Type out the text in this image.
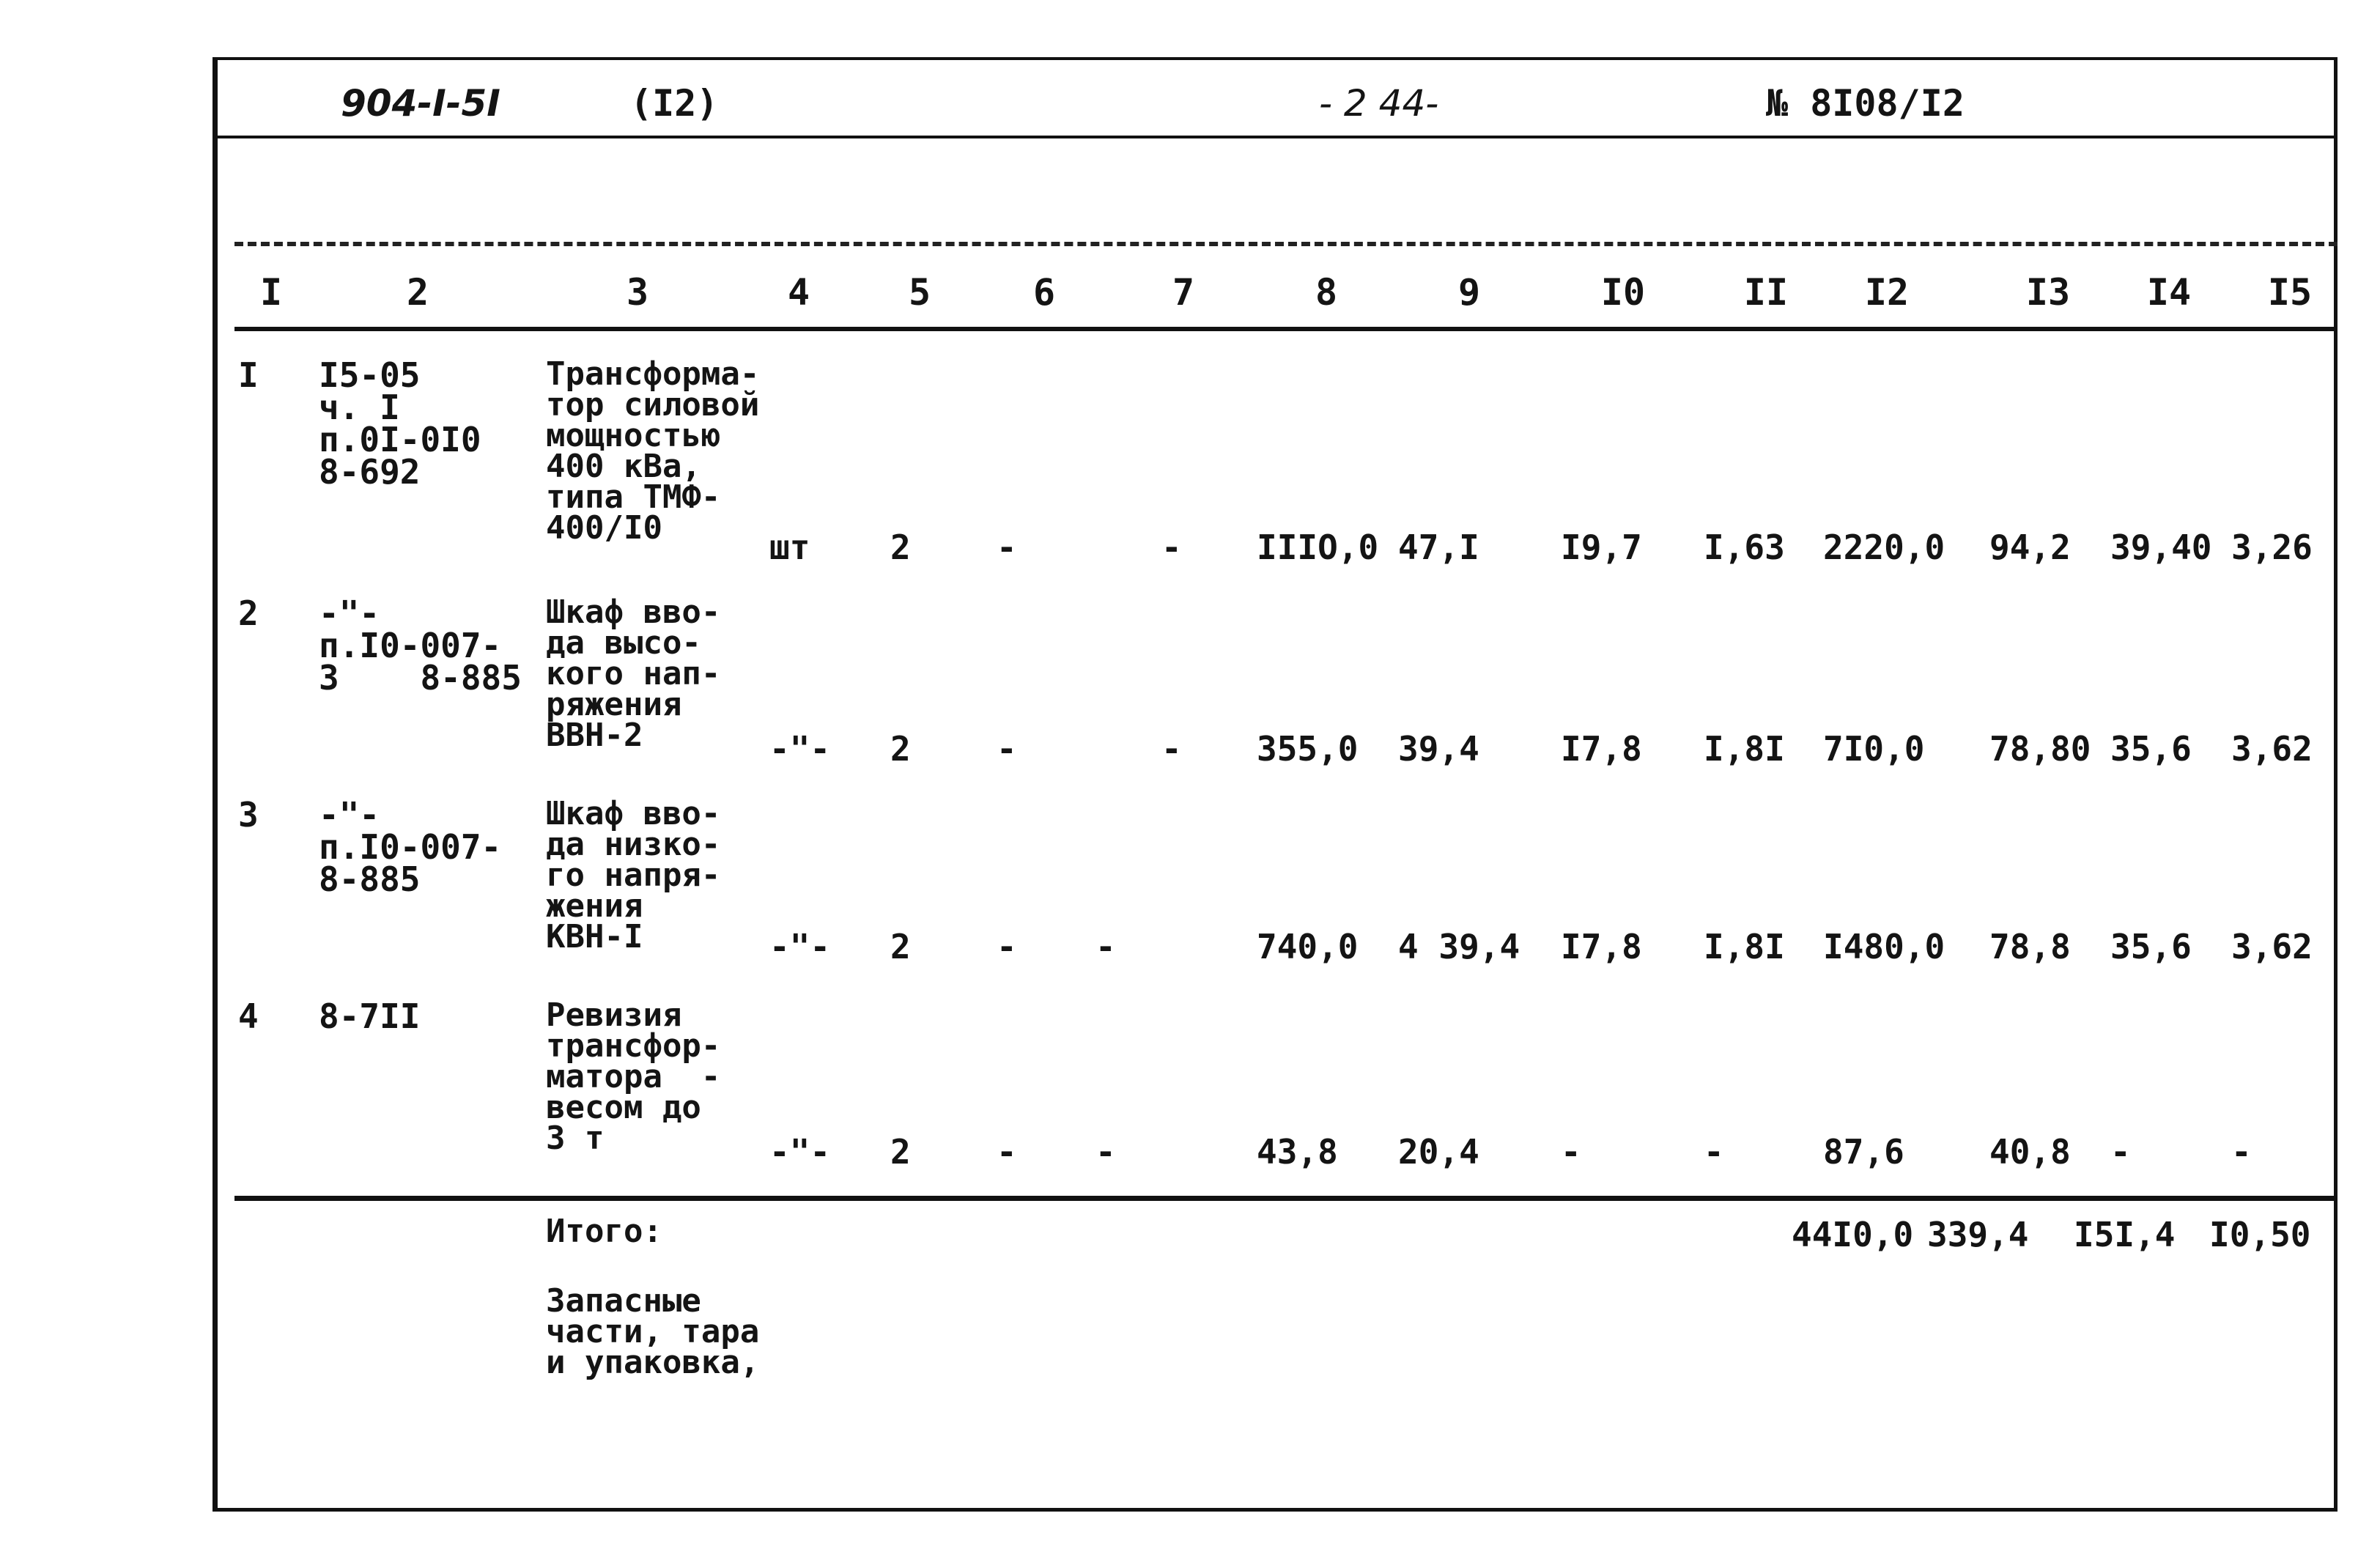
904-I-5I	(I2)	- 2 44-	№ 8I08/I2
I	2	3	4	5	6	7	8	9	I0	II I2	I3 I4 I5
I I5-05
ч. I
п.0I-0I0
8-692
Трансформа-
тор силовой
мощностью
400 кВа,
типа ТМФ-
400/I0	шт 2	-	- IIIO,0 47,I I9,7 I,63 2220,0 94,2 39,40 3,26
2 -"-
п.I0-007-
3    8-885
Шкаф вво-
да высо-
кого нап-
ряжения
ВВН-2	-"- 2	-	- 355,0 39,4 I7,8 I,8I 7I0,0 78,80 35,6 3,62
3 -"-
п.I0-007-
8-885
Шкаф вво-
да низко-
го напря-
жения
КВН-I	-"- 2	- -	740,0 4 39,4 I7,8 I,8I I480,0 78,8 35,6 3,62
4 8-7II	Ревизия
трансфор-
матора  -
весом до
3 т	-"- 2	- -	43,8 20,4 -	-	87,6	40,8 -	-
Итого:	44I0,0 339,4 I5I,4 I0,50
Запасные
части, тара
и упаковка,
